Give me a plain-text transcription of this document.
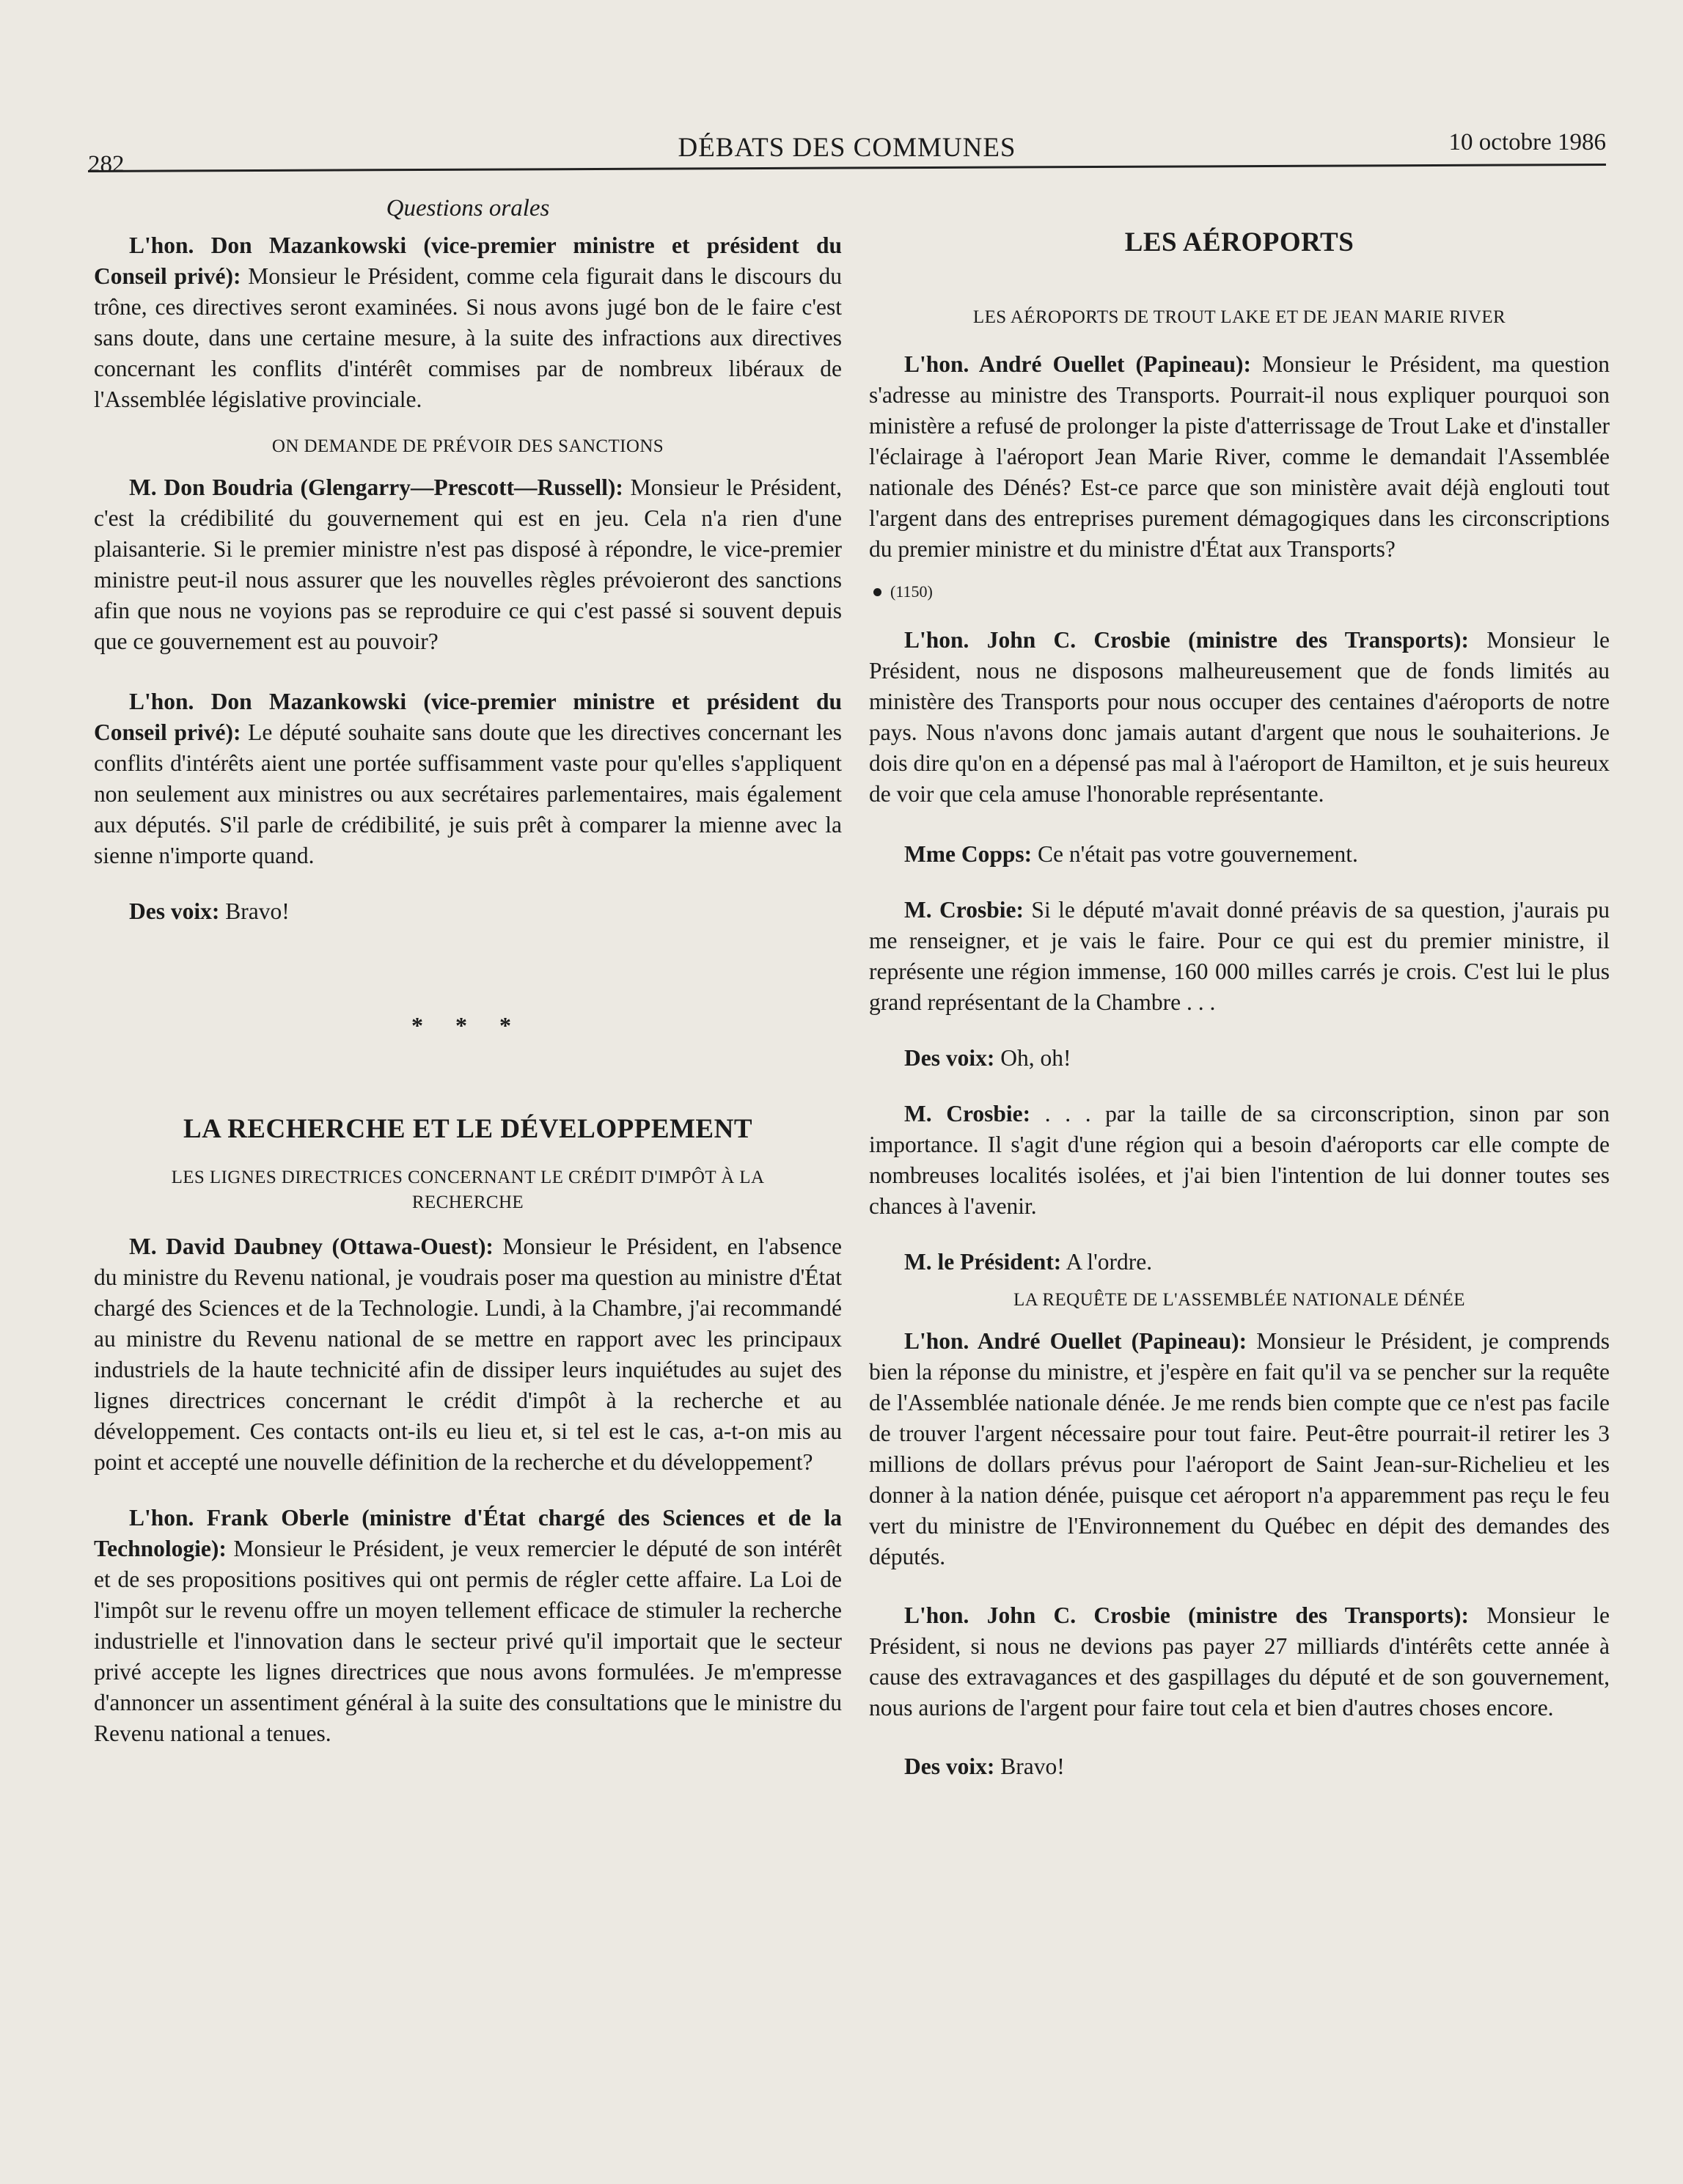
282
DÉBATS DES COMMUNES	10 octobre 1986
Questions orales

L'hon. Don Mazankowski (vice-premier ministre et président du Conseil privé): Monsieur le Président, comme cela figurait dans le discours du trône, ces directives seront examinées. Si nous avons jugé bon de le faire c'est sans doute, dans une certaine mesure, à la suite des infractions aux directives concernant les conflits d'intérêt commises par de nombreux libéraux de l'Assemblée législative provinciale.

ON DEMANDE DE PRÉVOIR DES SANCTIONS

M. Don Boudria (Glengarry—Prescott—Russell): Monsieur le Président, c'est la crédibilité du gouvernement qui est en jeu. Cela n'a rien d'une plaisanterie. Si le premier ministre n'est pas disposé à répondre, le vice-premier ministre peut-il nous assurer que les nouvelles règles prévoieront des sanctions afin que nous ne voyions pas se reproduire ce qui c'est passé si souvent depuis que ce gouvernement est au pouvoir?

L'hon. Don Mazankowski (vice-premier ministre et président du Conseil privé): Le député souhaite sans doute que les directives concernant les conflits d'intérêts aient une portée suffisamment vaste pour qu'elles s'appliquent non seulement aux ministres ou aux secrétaires parlementaires, mais également aux députés. S'il parle de crédibilité, je suis prêt à comparer la mienne avec la sienne n'importe quand.

Des voix: Bravo!

* * *
LA RECHERCHE ET LE DÉVELOPPEMENT
LES LIGNES DIRECTRICES CONCERNANT LE CRÉDIT D'IMPÔT À LA RECHERCHE

M. David Daubney (Ottawa-Ouest): Monsieur le Président, en l'absence du ministre du Revenu national, je voudrais poser ma question au ministre d'État chargé des Sciences et de la Technologie. Lundi, à la Chambre, j'ai recommandé au ministre du Revenu national de se mettre en rapport avec les principaux industriels de la haute technicité afin de dissiper leurs inquiétudes au sujet des lignes directrices concernant le crédit d'impôt à la recherche et au développement. Ces contacts ont-ils eu lieu et, si tel est le cas, a-t-on mis au point et accepté une nouvelle définition de la recherche et du développement?

L'hon. Frank Oberle (ministre d'État chargé des Sciences et de la Technologie): Monsieur le Président, je veux remercier le député de son intérêt et de ses propositions positives qui ont permis de régler cette affaire. La Loi de l'impôt sur le revenu offre un moyen tellement efficace de stimuler la recherche industrielle et l'innovation dans le secteur privé qu'il importait que le secteur privé accepte les lignes directrices que nous avons formulées. Je m'empresse d'annoncer un assentiment général à la suite des consultations que le ministre du Revenu national a tenues.

LES AÉROPORTS
LES AÉROPORTS DE TROUT LAKE ET DE JEAN MARIE RIVER

L'hon. André Ouellet (Papineau): Monsieur le Président, ma question s'adresse au ministre des Transports. Pourrait-il nous expliquer pourquoi son ministère a refusé de prolonger la piste d'atterrissage de Trout Lake et d'installer l'éclairage à l'aéroport Jean Marie River, comme le demandait l'Assemblée nationale des Dénés? Est-ce parce que son ministère avait déjà englouti tout l'argent dans des entreprises purement démagogiques dans les circonscriptions du premier ministre et du ministre d'État aux Transports?

(1150)

L'hon. John C. Crosbie (ministre des Transports): Monsieur le Président, nous ne disposons malheureusement que de fonds limités au ministère des Transports pour nous occuper des centaines d'aéroports de notre pays. Nous n'avons donc jamais autant d'argent que nous le souhaiterions. Je dois dire qu'on en a dépensé pas mal à l'aéroport de Hamilton, et je suis heureux de voir que cela amuse l'honorable représentante.

Mme Copps: Ce n'était pas votre gouvernement.

M. Crosbie: Si le député m'avait donné préavis de sa question, j'aurais pu me renseigner, et je vais le faire. Pour ce qui est du premier ministre, il représente une région immense, 160 000 milles carrés je crois. C'est lui le plus grand représentant de la Chambre . . .

Des voix: Oh, oh!

M. Crosbie: . . . par la taille de sa circonscription, sinon par son importance. Il s'agit d'une région qui a besoin d'aéroports car elle compte de nombreuses localités isolées, et j'ai bien l'intention de lui donner toutes ses chances à l'avenir.

M. le Président: A l'ordre.

LA REQUÊTE DE L'ASSEMBLÉE NATIONALE DÉNÉE

L'hon. André Ouellet (Papineau): Monsieur le Président, je comprends bien la réponse du ministre, et j'espère en fait qu'il va se pencher sur la requête de l'Assemblée nationale dénée. Je me rends bien compte que ce n'est pas facile de trouver l'argent nécessaire pour tout faire. Peut-être pourrait-il retirer les 3 millions de dollars prévus pour l'aéroport de Saint Jean-sur-Richelieu et les donner à la nation dénée, puisque cet aéroport n'a apparemment pas reçu le feu vert du ministre de l'Environnement du Québec en dépit des demandes des députés.

L'hon. John C. Crosbie (ministre des Transports): Monsieur le Président, si nous ne devions pas payer 27 milliards d'intérêts cette année à cause des extravagances et des gaspillages du député et de son gouvernement, nous aurions de l'argent pour faire tout cela et bien d'autres choses encore.

Des voix: Bravo!
